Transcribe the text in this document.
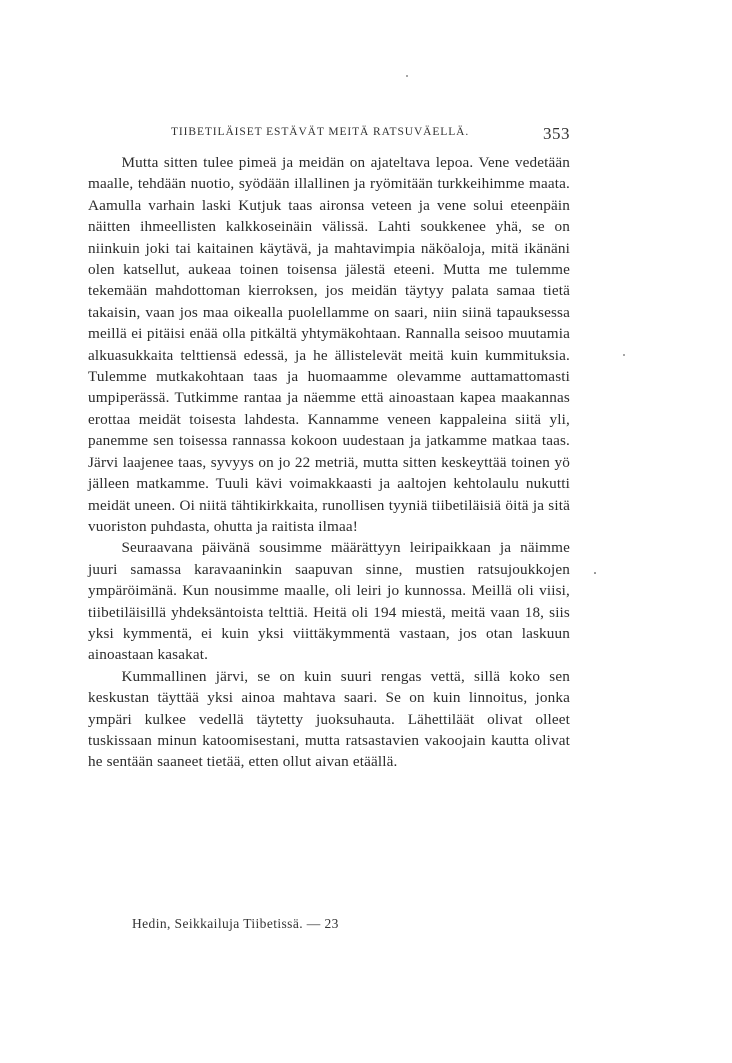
TIIBETILÄISET ESTÄVÄT MEITÄ RATSUVÄELLÄ.	353

Mutta sitten tulee pimeä ja meidän on ajateltava lepoa. Vene vedetään maalle, tehdään nuotio, syödään illallinen ja ryömitään turkkeihimme maata. Aamulla varhain laski Kutjuk taas aironsa veteen ja vene solui eteenpäin näitten ihmeellisten kalkkoseinäin välissä. Lahti soukkenee yhä, se on niinkuin joki tai kaitainen käytävä, ja mahtavimpia näköaloja, mitä ikänäni olen katsellut, aukeaa toinen toisensa jälestä eteeni. Mutta me tulemme tekemään mahdottoman kierroksen, jos meidän täytyy palata samaa tietä takaisin, vaan jos maa oikealla puolellamme on saari, niin siinä tapauksessa meillä ei pitäisi enää olla pitkältä yhtymäkohtaan. Rannalla seisoo muutamia alkuasukkaita telttiensä edessä, ja he ällistelevät meitä kuin kummituksia. Tulemme mutkakohtaan taas ja huomaamme olevamme auttamattomasti umpiperässä. Tutkimme rantaa ja näemme että ainoastaan kapea maakannas erottaa meidät toisesta lahdesta. Kannamme veneen kappaleina siitä yli, panemme sen toisessa rannassa kokoon uudestaan ja jatkamme matkaa taas. Järvi laajenee taas, syvyys on jo 22 metriä, mutta sitten keskeyttää toinen yö jälleen matkamme. Tuuli kävi voimakkaasti ja aaltojen kehtolaulu nukutti meidät uneen. Oi niitä tähtikirkkaita, runollisen tyyniä tiibetiläisiä öitä ja sitä vuoriston puhdasta, ohutta ja raitista ilmaa!

Seuraavana päivänä sousimme määrättyyn leiripaikkaan ja näimme juuri samassa karavaaninkin saapuvan sinne, mustien ratsujoukkojen ympäröimänä. Kun nousimme maalle, oli leiri jo kunnossa. Meillä oli viisi, tiibetiläisillä yhdeksäntoista telttiä. Heitä oli 194 miestä, meitä vaan 18, siis yksi kymmentä, ei kuin yksi viittäkymmentä vastaan, jos otan laskuun ainoastaan kasakat.

Kummallinen järvi, se on kuin suuri rengas vettä, sillä koko sen keskustan täyttää yksi ainoa mahtava saari. Se on kuin linnoitus, jonka ympäri kulkee vedellä täytetty juoksuhauta. Lähettiläät olivat olleet tuskissaan minun katoomisestani, mutta ratsastavien vakoojain kautta olivat he sentään saaneet tietää, etten ollut aivan etäällä.

Hedin, Seikkailuja Tiibetissä. — 23
